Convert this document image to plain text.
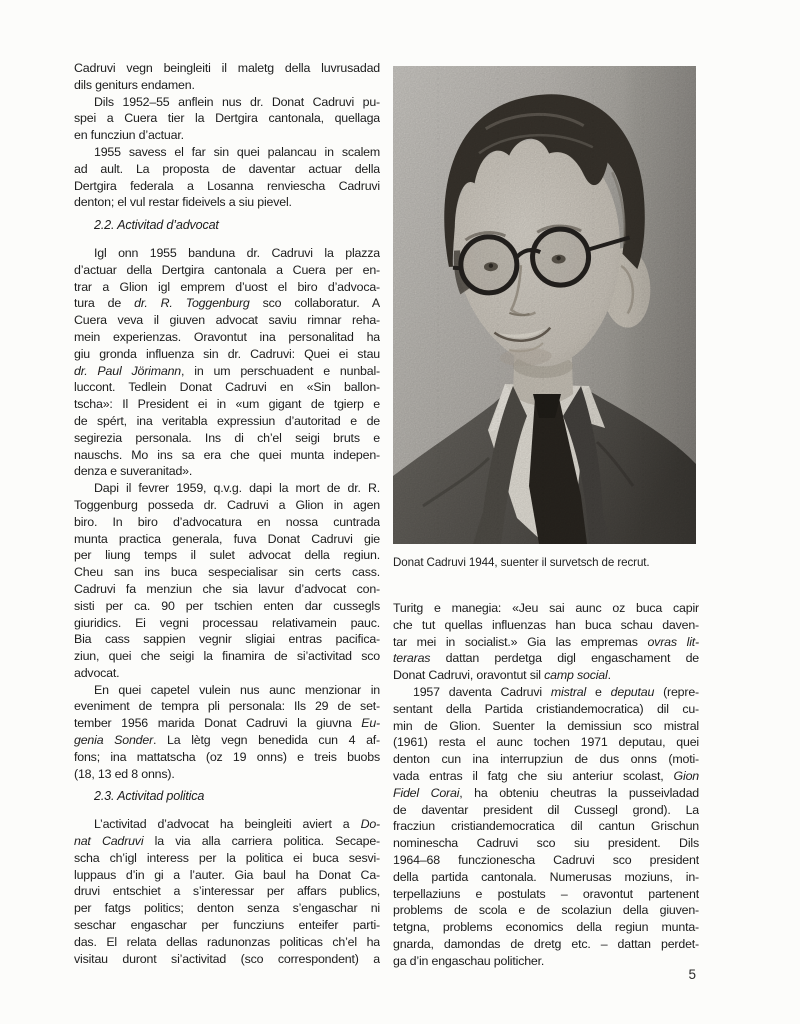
Cadruvi vegn beingleiti il maletg della luvrusadad
dils geniturs endamen.
Dils 1952–55 anflein nus dr. Donat Cadruvi pu-
spei a Cuera tier la Dertgira cantonala, quellaga
en funcziun d’actuar.
1955 savess el far sin quei palancau in scalem
ad ault. La proposta de daventar actuar della
Dertgira federala a Losanna renviescha Cadruvi
denton; el vul restar fideivels a siu pievel.
2.2. Activitad d’advocat
Igl onn 1955 banduna dr. Cadruvi la plazza
d’actuar della Dertgira cantonala a Cuera per en-
trar a Glion igl emprem d’uost el biro d’advoca-
tura de dr. R. Toggenburg sco collaboratur. A
Cuera veva il giuven advocat saviu rimnar reha-
mein experienzas. Oravontut ina personalitad ha
giu gronda influenza sin dr. Cadruvi: Quei ei stau
dr. Paul Jörimann, in um perschuadent e nunbal-
luccont. Tedlein Donat Cadruvi en «Sin ballon-
tscha»: Il President ei in «um gigant de tgierp e
de spért, ina veritabla expressiun d’autoritad e de
segirezia personala. Ins di ch’el seigi bruts e
nauschs. Mo ins sa era che quei munta indepen-
denza e suveranitad».
Dapi il fevrer 1959, q.v.g. dapi la mort de dr. R.
Toggenburg posseda dr. Cadruvi a Glion in agen
biro. In biro d’advocatura en nossa cuntrada
munta practica generala, fuva Donat Cadruvi gie
per liung temps il sulet advocat della regiun.
Cheu san ins buca sespecialisar sin certs cass.
Cadruvi fa menziun che sia lavur d’advocat con-
sisti per ca. 90 per tschien enten dar cussegls
giuridics. Ei vegni processau relativamein pauc.
Bia cass sappien vegnir sligiai entras pacifica-
ziun, quei che seigi la finamira de si’activitad sco
advocat.
En quei capetel vulein nus aunc menzionar in
eveniment de tempra pli personala: Ils 29 de set-
tember 1956 marida Donat Cadruvi la giuvna Eu-
genia Sonder. La lètg vegn benedida cun 4 af-
fons; ina mattatscha (oz 19 onns) e treis buobs
(18, 13 ed 8 onns).
2.3. Activitad politica
L’activitad d’advocat ha beingleiti aviert a Do-
nat Cadruvi la via alla carriera politica. Secape-
scha ch’igl interess per la politica ei buca sesvi-
luppaus d’in gi a l’auter. Gia baul ha Donat Ca-
druvi entschiet a s’interessar per affars publics,
per fatgs politics; denton senza s’engaschar ni
seschar engaschar per funcziuns enteifer parti-
das. El relata dellas radunonzas politicas ch’el ha
visitau duront si’activitad (sco correspondent) a
Donat Cadruvi 1944, suenter il survetsch de recrut.
Turitg e manegia: «Jeu sai aunc oz buca capir
che tut quellas influenzas han buca schau daven-
tar mei in socialist.» Gia las empremas ovras lit-
teraras dattan perdetga digl engaschament de
Donat Cadruvi, oravontut sil camp social.
1957 daventa Cadruvi mistral e deputau (repre-
sentant della Partida cristiandemocratica) dil cu-
min de Glion. Suenter la demissiun sco mistral
(1961) resta el aunc tochen 1971 deputau, quei
denton cun ina interrupziun de dus onns (moti-
vada entras il fatg che siu anteriur scolast, Gion
Fidel Corai, ha obteniu cheutras la pusseivladad
de daventar president dil Cussegl grond). La
fracziun cristiandemocratica dil cantun Grischun
nominescha Cadruvi sco siu president. Dils
1964–68 funczionescha Cadruvi sco president
della partida cantonala. Numerusas moziuns, in-
terpellaziuns e postulats – oravontut partenent
problems de scola e de scolaziun della giuven-
tetgna, problems economics della regiun munta-
gnarda, damondas de dretg etc. – dattan perdet-
ga d’in engaschau politicher.
5
